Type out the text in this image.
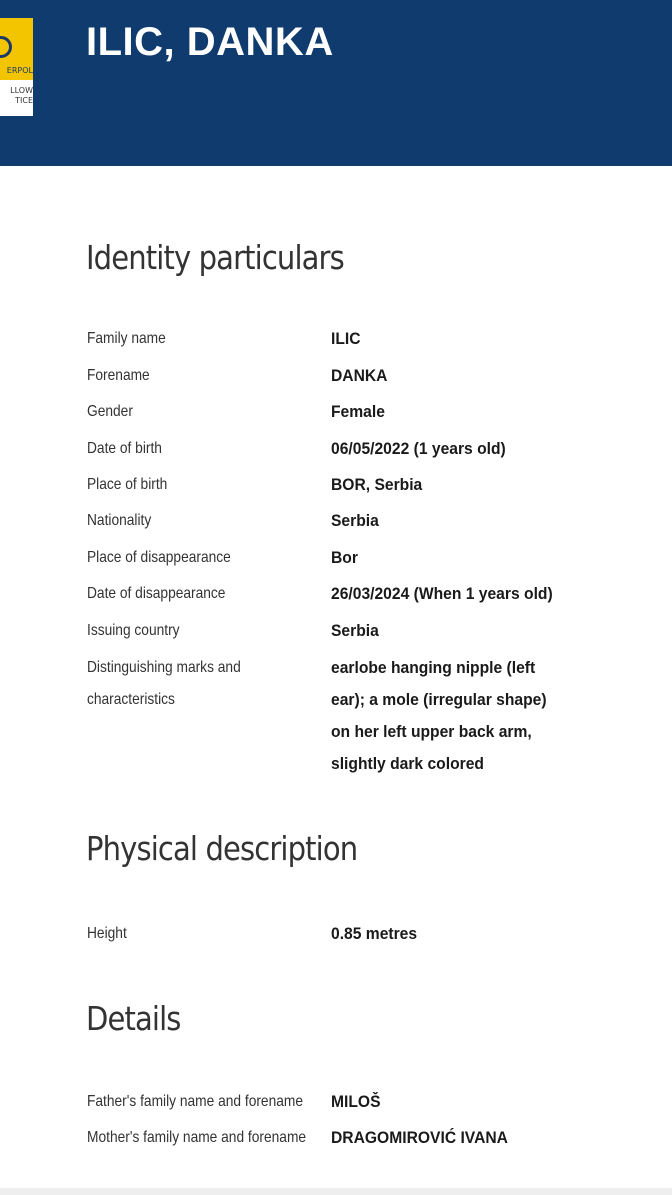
ERPOL
LLOW
TICE
ILIC, DANKA
Identity particulars
Family name	ILIC
Forename	DANKA
Gender	Female
Date of birth	06/05/2022 (1 years old)
Place of birth	BOR, Serbia
Nationality	Serbia
Place of disappearance	Bor
Date of disappearance	26/03/2024 (When 1 years old)
Issuing country	Serbia
Distinguishing marks and	earlobe hanging nipple (left
characteristics	ear); a mole (irregular shape)
on her left upper back arm,
slightly dark colored
Physical description
Height	0.85 metres
Details
Father's family name and forename MILOŠ
Mother's family name and forename DRAGOMIROVIĆ IVANA
